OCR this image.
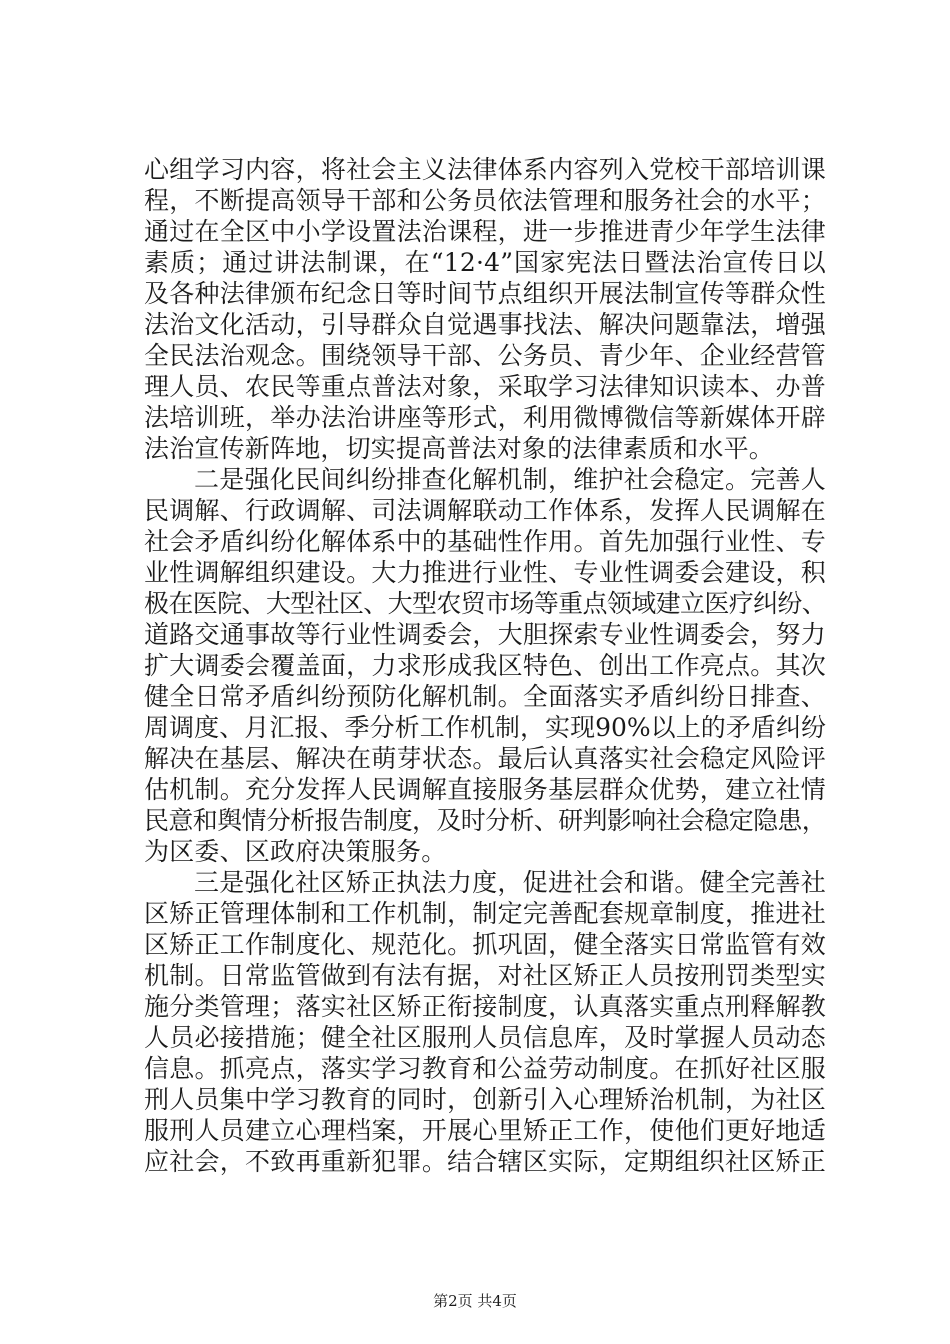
心组学习内容，将社会主义法律体系内容列入党校干部培训课
程，不断提高领导干部和公务员依法管理和服务社会的水平；
通过在全区中小学设置法治课程，进一步推进青少年学生法律
素质；通过讲法制课，在“12·4”国家宪法日暨法治宣传日以
及各种法律颁布纪念日等时间节点组织开展法制宣传等群众性
法治文化活动，引导群众自觉遇事找法、解决问题靠法，增强
全民法治观念。围绕领导干部、公务员、青少年、企业经营管
理人员、农民等重点普法对象，采取学习法律知识读本、办普
法培训班，举办法治讲座等形式，利用微博微信等新媒体开辟
法治宣传新阵地，切实提高普法对象的法律素质和水平。
二是强化民间纠纷排查化解机制，维护社会稳定。完善人
民调解、行政调解、司法调解联动工作体系，发挥人民调解在
社会矛盾纠纷化解体系中的基础性作用。首先加强行业性、专
业性调解组织建设。大力推进行业性、专业性调委会建设，积
极在医院、大型社区、大型农贸市场等重点领域建立医疗纠纷、
道路交通事故等行业性调委会，大胆探索专业性调委会，努力
扩大调委会覆盖面，力求形成我区特色、创出工作亮点。其次
健全日常矛盾纠纷预防化解机制。全面落实矛盾纠纷日排查、
周调度、月汇报、季分析工作机制，实现90%以上的矛盾纠纷
解决在基层、解决在萌芽状态。最后认真落实社会稳定风险评
估机制。充分发挥人民调解直接服务基层群众优势，建立社情
民意和舆情分析报告制度，及时分析、研判影响社会稳定隐患，
为区委、区政府决策服务。
三是强化社区矫正执法力度，促进社会和谐。健全完善社
区矫正管理体制和工作机制，制定完善配套规章制度，推进社
区矫正工作制度化、规范化。抓巩固，健全落实日常监管有效
机制。日常监管做到有法有据，对社区矫正人员按刑罚类型实
施分类管理；落实社区矫正衔接制度，认真落实重点刑释解教
人员必接措施；健全社区服刑人员信息库，及时掌握人员动态
信息。抓亮点，落实学习教育和公益劳动制度。在抓好社区服
刑人员集中学习教育的同时，创新引入心理矫治机制，为社区
服刑人员建立心理档案，开展心里矫正工作，使他们更好地适
应社会，不致再重新犯罪。结合辖区实际，定期组织社区矫正
第2页 共4页
